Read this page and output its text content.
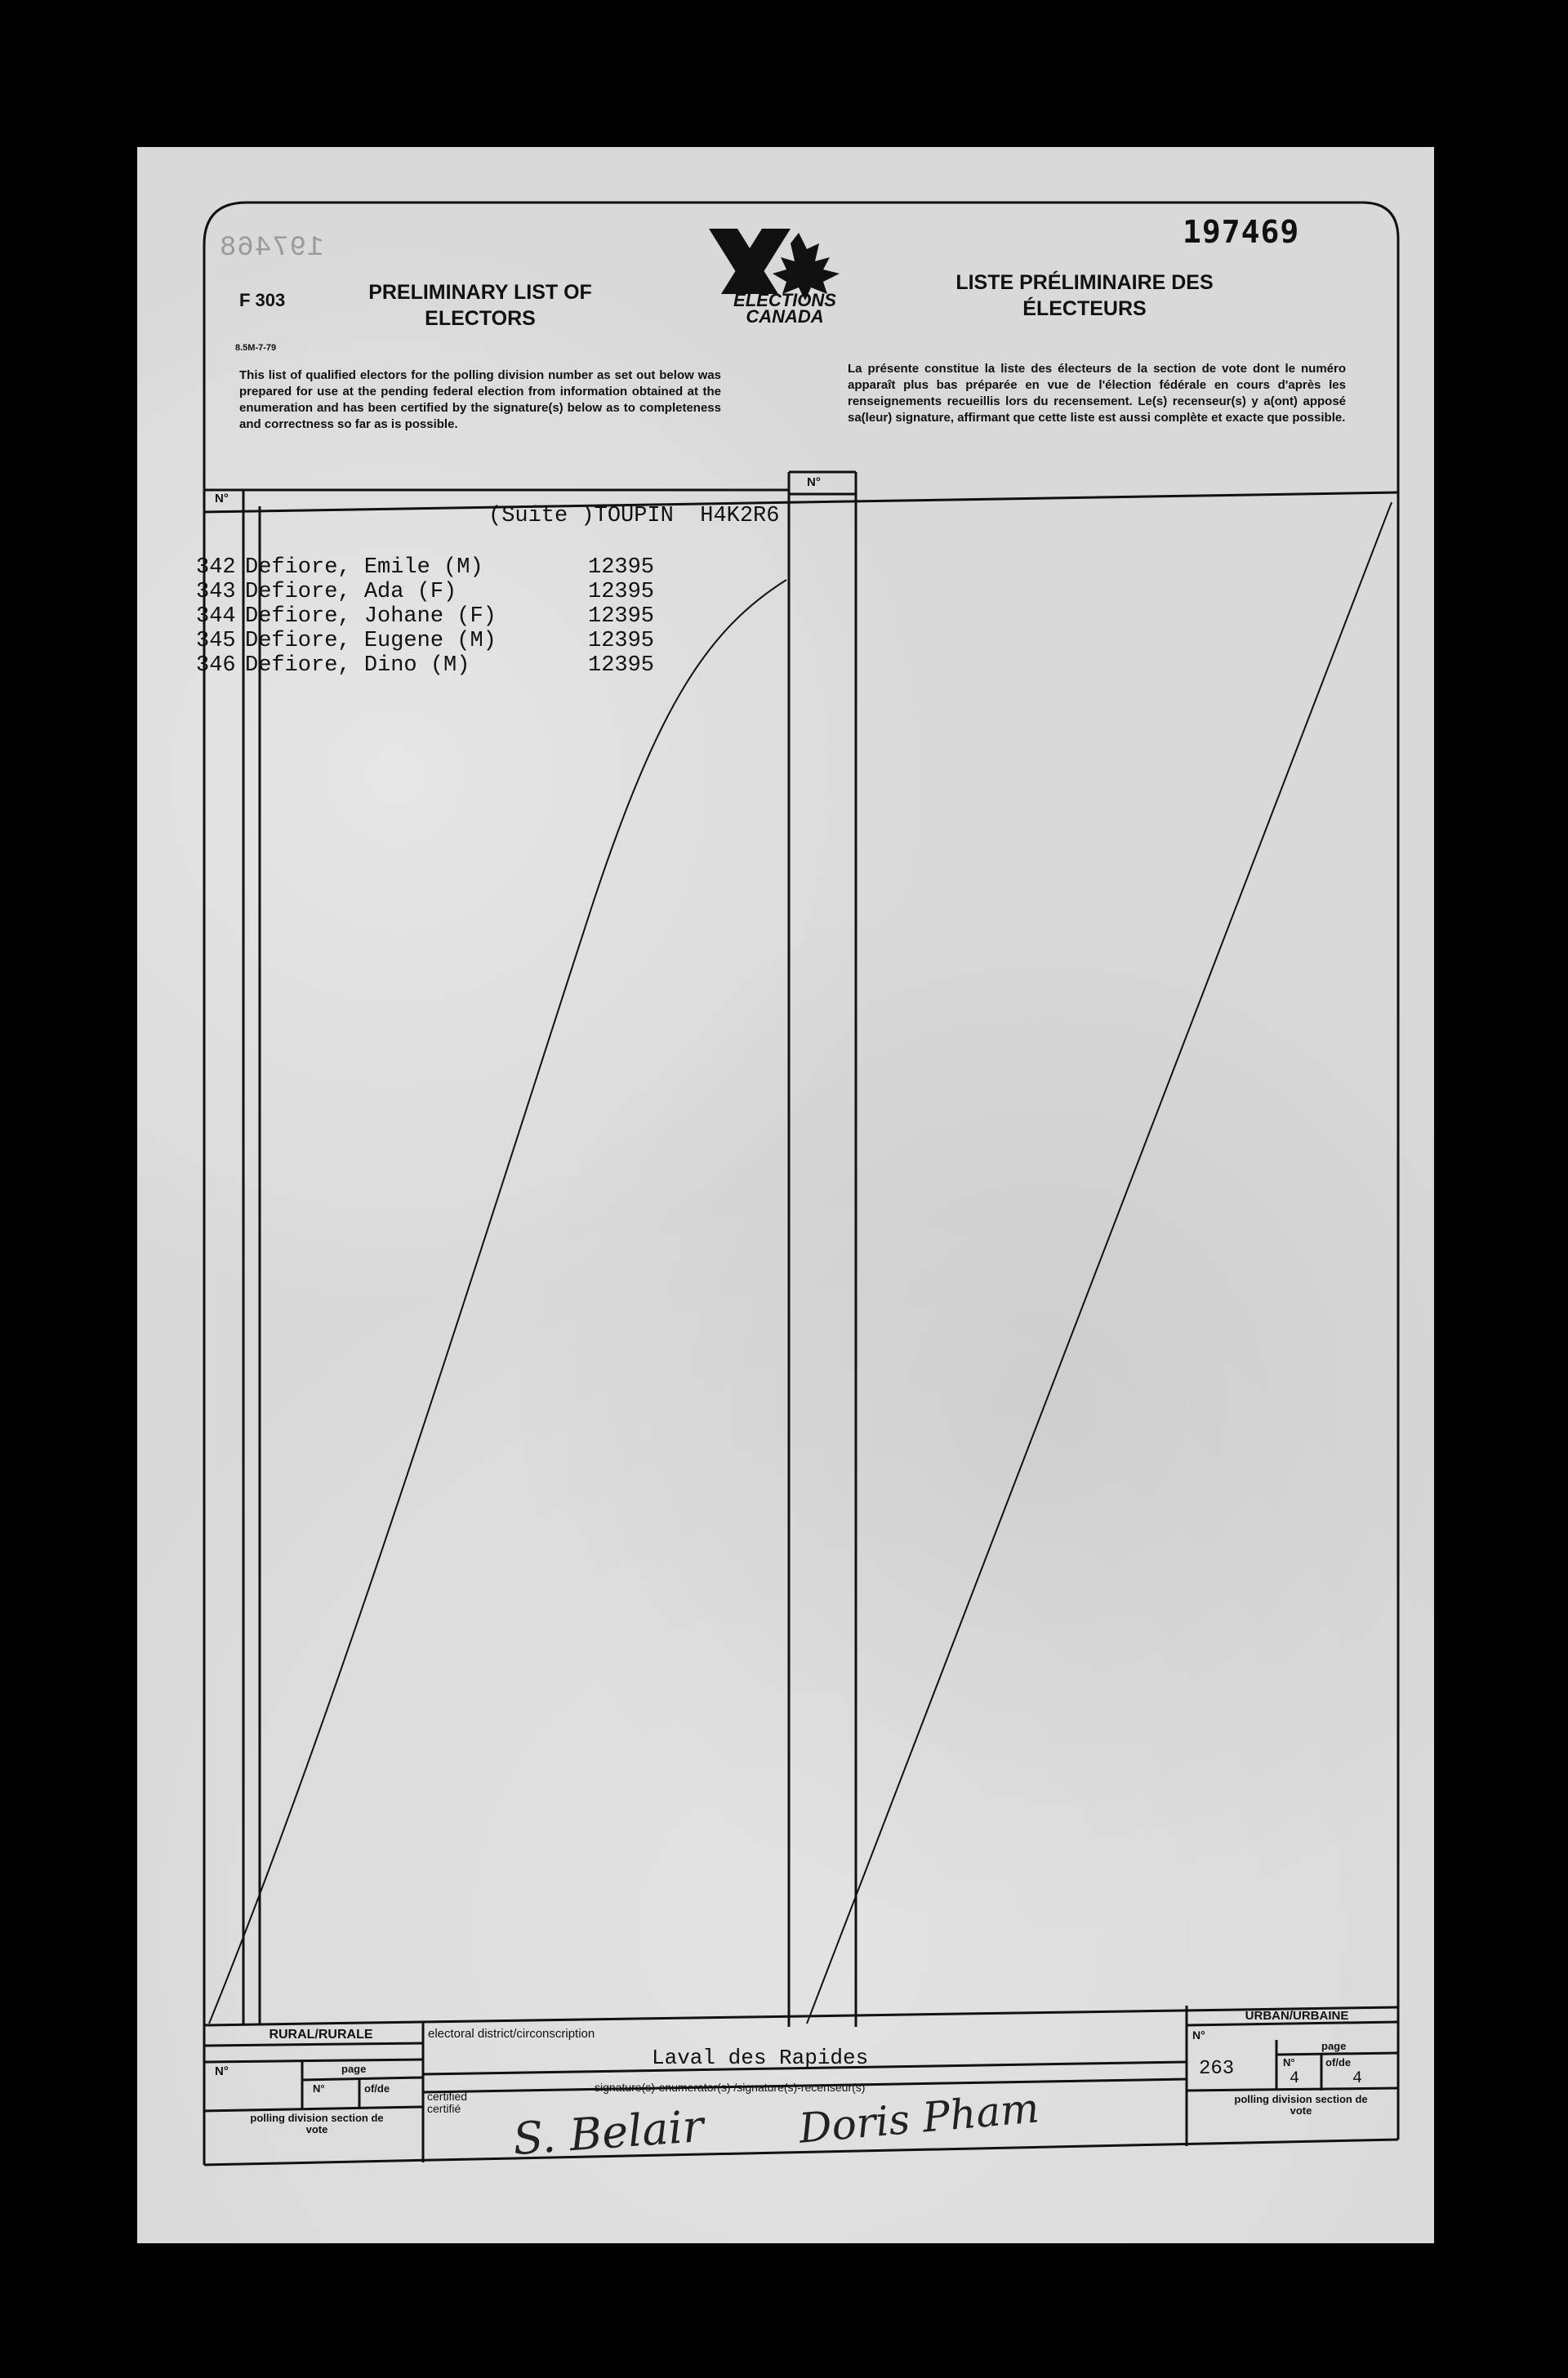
197469
197468
F 303
8.5M-7-79
PRELIMINARY LIST OF ELECTORS
LISTE PRÉLIMINAIRE DES ÉLECTEURS
ELECTIONS
CANADA
This list of qualified electors for the polling division number as set out below was prepared for use at the pending federal election from information obtained at the enumeration and has been certified by the signature(s) below as to completeness and correctness so far as is possible.
La présente constitue la liste des électeurs de la section de vote dont le numéro apparaît plus bas préparée en vue de l'élection fédérale en cours d'après les renseignements recueillis lors du recensement. Le(s) recenseur(s) y a(ont) apposé sa(leur) signature, affirmant que cette liste est aussi complète et exacte que possible.
N°
N°
(Suite )TOUPIN  H4K2R6
342 Defiore, Emile (M)	12395
343 Defiore, Ada (F)	12395
344 Defiore, Johane (F)	12395
345 Defiore, Eugene (M)	12395
346 Defiore, Dino (M)	12395
RURAL/RURALE
N°	page
N°	of/de
polling division section de vote
electoral district/circonscription
Laval des Rapides
certified certifié
signature(s)-enumerator(s) /signature(s)-recenseur(s)
S. Belair Doris Pham
URBAN/URBAINE
N°
page
263	N°	of/de
4	4
polling division section de vote
